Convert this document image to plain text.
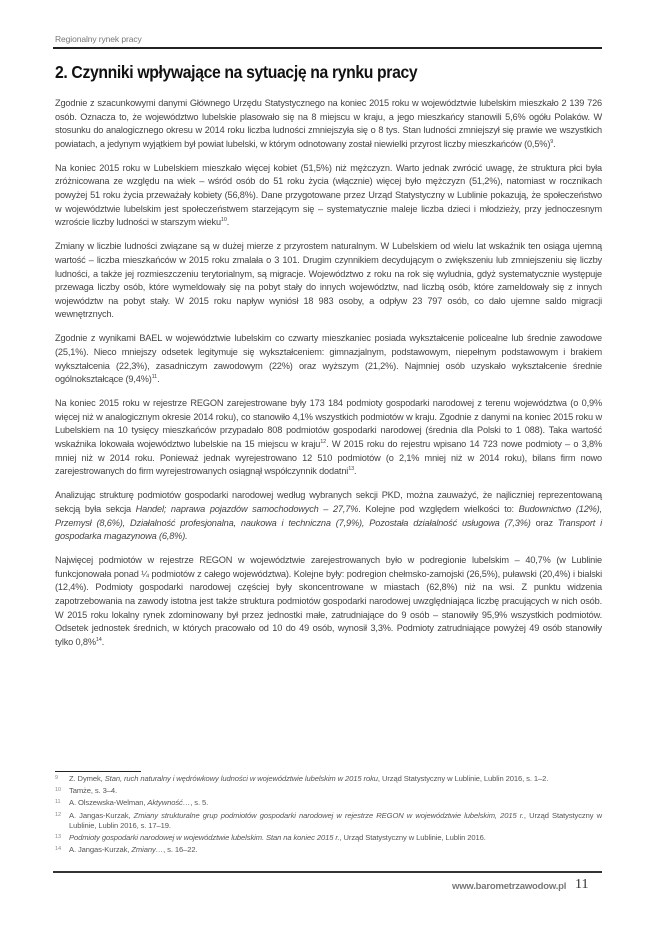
Regionalny rynek pracy
2. Czynniki wpływające na sytuację na rynku pracy

Zgodnie z szacunkowymi danymi Głównego Urzędu Statystycznego na koniec 2015 roku w województwie lubelskim mieszkało 2 139 726 osób. Oznacza to, że województwo lubelskie plasowało się na 8 miejscu w kraju, a jego mieszkańcy stanowili 5,6% ogółu Polaków. W stosunku do analogicznego okresu w 2014 roku liczba ludności zmniejszyła się o 8 tys. Stan ludności zmniejszył się prawie we wszystkich powiatach, a jedynym wyjątkiem był powiat lubelski, w którym odnotowany został niewielki przyrost liczby mieszkańców $(0,5\%)^9$.

Na koniec 2015 roku w Lubelskiem mieszkało więcej kobiet (51,5%) niż mężczyzn. Warto jednak zwrócić uwagę, że struktura płci była zróżnicowana ze względu na wiek – wśród osób do 51 roku życia (włącznie) więcej było mężczyzn (51,2%), natomiast w rocznikach powyżej 51 roku życia przeważały kobiety (56,8%). Dane przygotowane przez Urząd Statystyczny w Lublinie pokazują, że społeczeństwo w województwie lubelskim jest społeczeństwem starzejącym się – systematycznie maleje liczba dzieci i młodzieży, przy jednoczesnym wzroście liczby ludności w starszym wieku$^{10}$.

Zmiany w liczbie ludności związane są w dużej mierze z przyrostem naturalnym. W Lubelskiem od wielu lat wskaźnik ten osiąga ujemną wartość – liczba mieszkańców w 2015 roku zmalała o 3 101. Drugim czynnikiem decydującym o zwiększeniu lub zmniejszeniu się liczby ludności, a także jej rozmieszczeniu terytorialnym, są migracje. Województwo z roku na rok się wyludnia, gdyż systematycznie występuje przewaga liczby osób, które wymeldowały się na pobyt stały do innych województw, nad liczbą osób, które zameldowały się z innych województw na pobyt stały. W 2015 roku napływ wyniósł 18 983 osoby, a odpływ 23 797 osób, co dało ujemne saldo migracji wewnętrznych.

Zgodnie z wynikami BAEL w województwie lubelskim co czwarty mieszkaniec posiada wykształcenie policealne lub średnie zawodowe (25,1%). Nieco mniejszy odsetek legitymuje się wykształceniem: gimnazjalnym, podstawowym, niepełnym podstawowym i brakiem wykształcenia (22,3%), zasadniczym zawodowym (22%) oraz wyższym (21,2%). Najmniej osób uzyskało wykształcenie średnie ogólnokształcące $(9,4\%)^{11}$.

Na koniec 2015 roku w rejestrze REGON zarejestrowane były 173 184 podmioty gospodarki narodowej z terenu województwa (o 0,9% więcej niż w analogicznym okresie 2014 roku), co stanowiło 4,1% wszystkich podmiotów w kraju. Zgodnie z danymi na koniec 2015 roku w Lubelskiem na 10 tysięcy mieszkańców przypadało 808 podmiotów gospodarki narodowej (średnia dla Polski to 1 088). Taka wartość wskaźnika lokowała województwo lubelskie na 15 miejscu w kraju$^{12}$. W 2015 roku do rejestru wpisano 14 723 nowe podmioty – o 3,8% mniej niż w 2014 roku. Ponieważ jednak wyrejestrowano 12 510 podmiotów (o 2,1% mniej niż w 2014 roku), bilans firm nowo zarejestrowanych do firm wyrejestrowanych osiągnął współczynnik dodatni$^{13}$.

Analizując strukturę podmiotów gospodarki narodowej według wybranych sekcji PKD, można zauważyć, że najliczniej reprezentowaną sekcją była sekcja Handel; naprawa pojazdów samochodowych – 27,7%. Kolejne pod względem wielkości to: Budownictwo (12%), Przemysł (8,6%), Działalność profesjonalna, naukowa i techniczna (7,9%), Pozostała działalność usługowa (7,3%) oraz Transport i gospodarka magazynowa (6,8%).

Najwięcej podmiotów w rejestrze REGON w województwie zarejestrowanych było w podregionie lubelskim – 40,7% (w Lublinie funkcjonowała ponad ¼ podmiotów z całego województwa). Kolejne były: podregion chełmsko-zamojski (26,5%), puławski (20,4%) i bialski (12,4%). Podmioty gospodarki narodowej częściej były skoncentrowane w miastach (62,8%) niż na wsi. Z punktu widzenia zapotrzebowania na zawody istotna jest także struktura podmiotów gospodarki narodowej uwzględniająca liczbę pracujących w nich osób. W 2015 roku lokalny rynek zdominowany był przez jednostki małe, zatrudniające do 9 osób – stanowiły 95,9% wszystkich podmiotów. Odsetek jednostek średnich, w których pracowało od 10 do 49 osób, wynosił 3,3%. Podmioty zatrudniające powyżej 49 osób stanowiły tylko 0,8%$^{14}$.

9 Z. Dymek, Stan, ruch naturalny i wędrówkowy ludności w województwie lubelskim w 2015 roku, Urząd Statystyczny w Lublinie, Lublin 2016, s. 1–2.
10 Tamże, s. 3–4.
11 A. Olszewska-Welman, Aktywność…, s. 5.
12 A. Jangas-Kurzak, Zmiany strukturalne grup podmiotów gospodarki narodowej w rejestrze REGON w województwie lubelskim, 2015 r., Urząd Statystyczny w Lublinie, Lublin 2016, s. 17–19.
13 Podmioty gospodarki narodowej w województwie lubelskim. Stan na koniec 2015 r., Urząd Statystyczny w Lublinie, Lublin 2016.
14 A. Jangas-Kurzak, Zmiany…, s. 16–22.
www.barometrzawodow.pl 11
